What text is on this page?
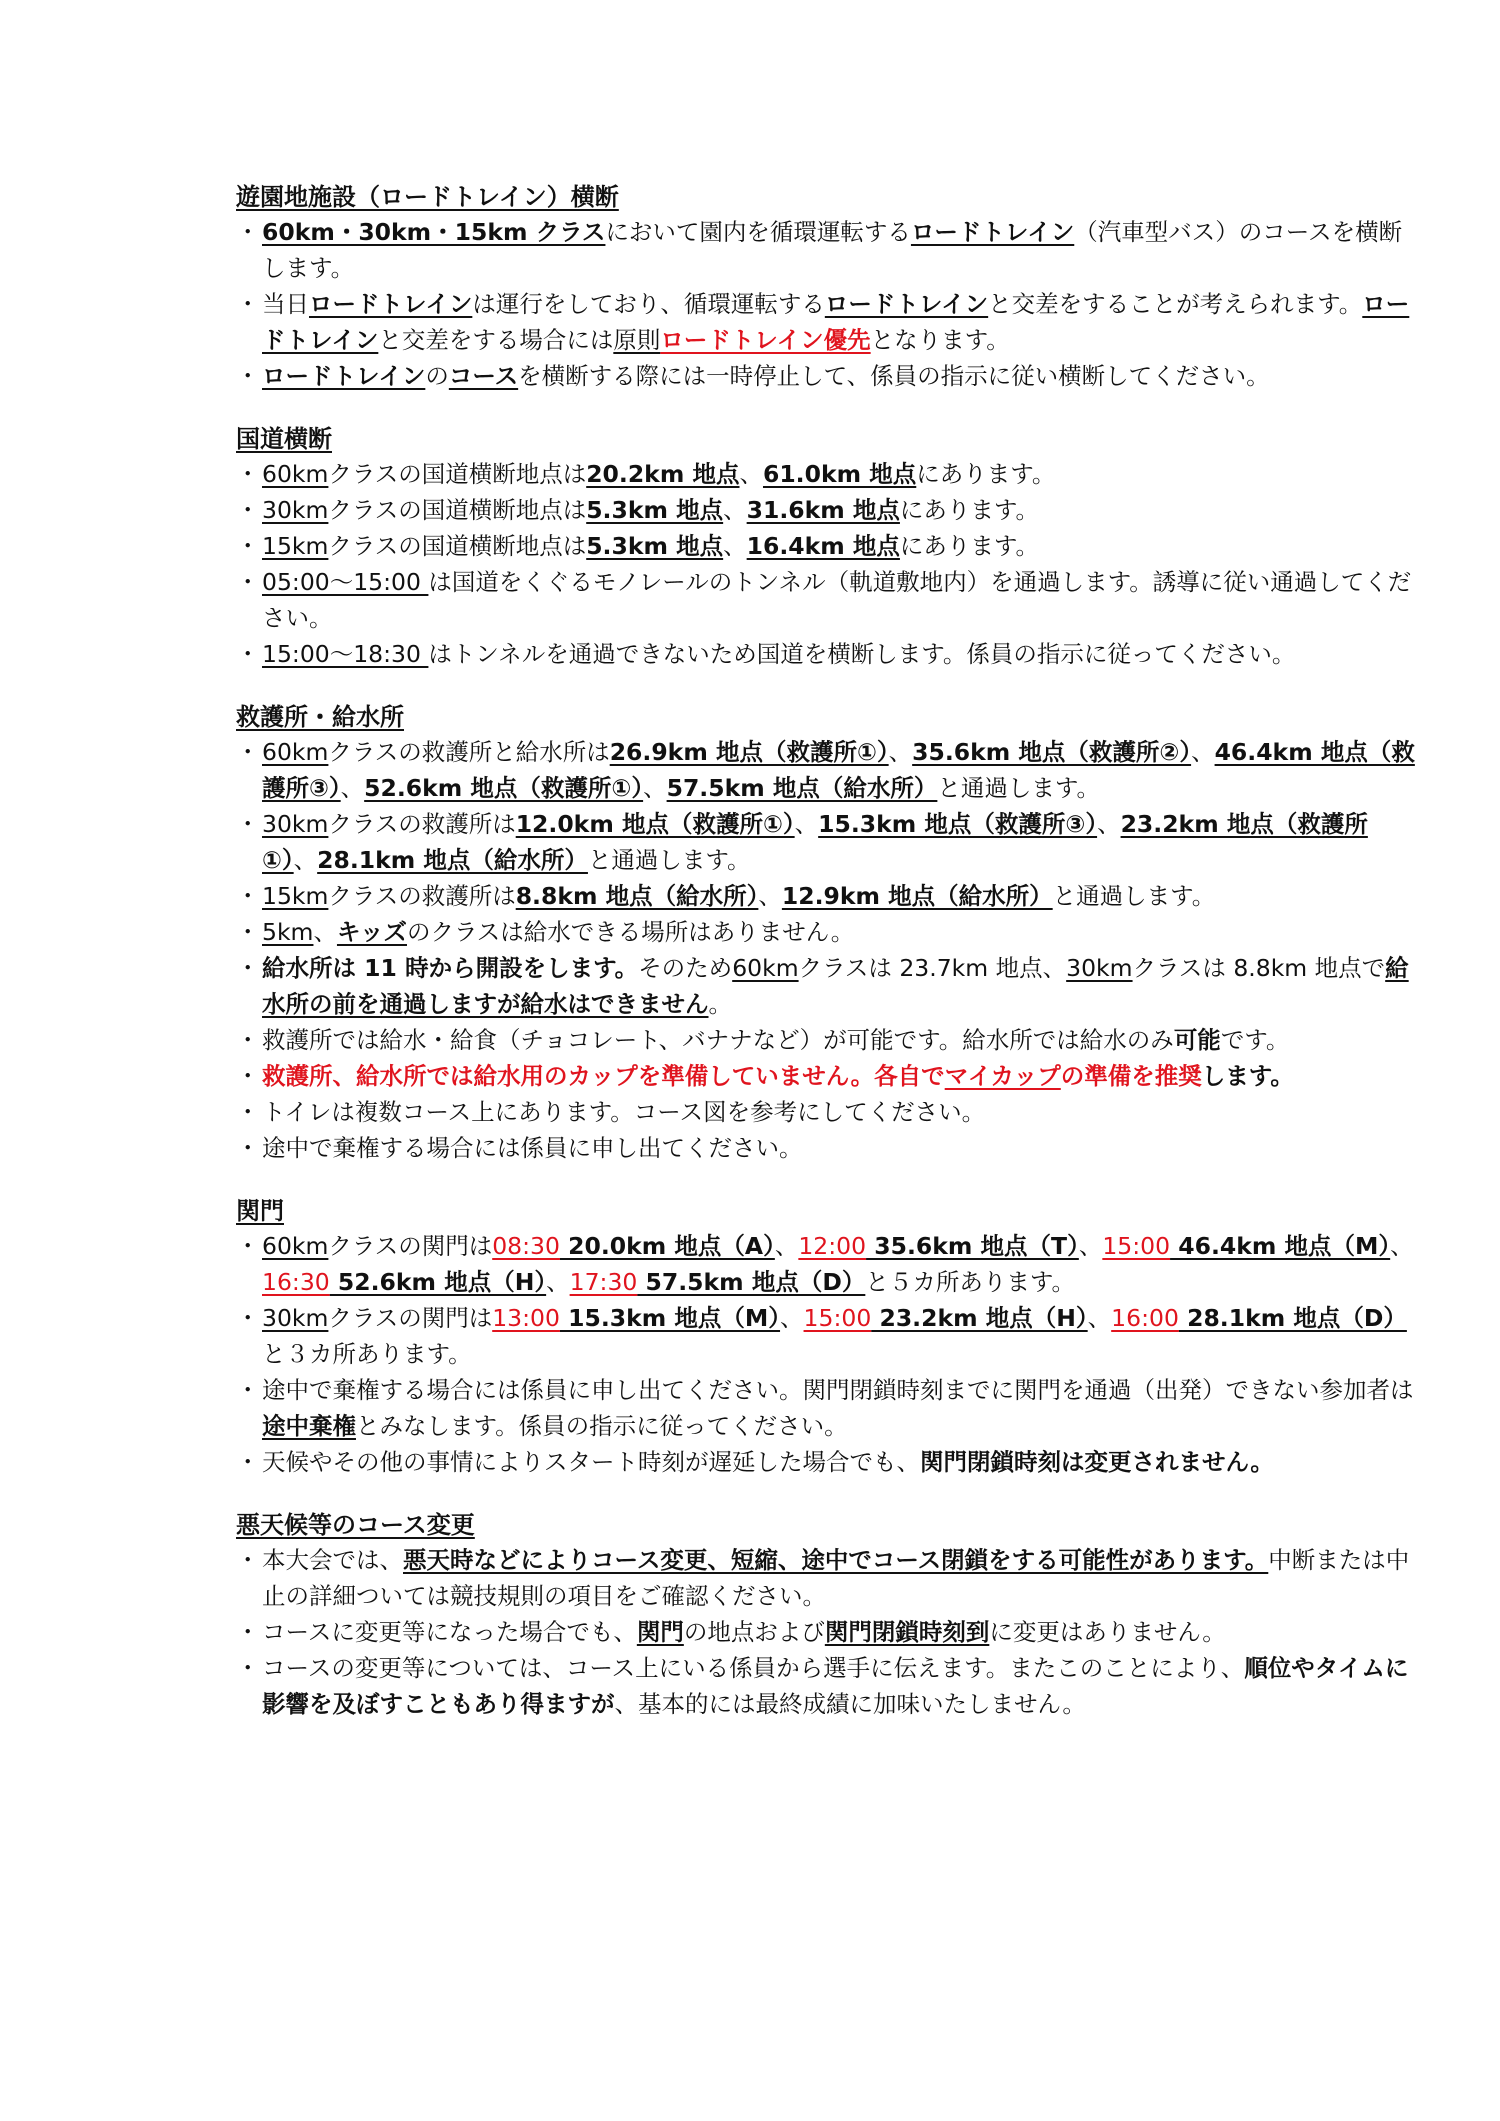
遊園地施設（ロードトレイン）横断
・ 60km・30km・15km クラスにおいて園内を循環運転するロードトレイン（汽車型バス）のコースを横断します。
・ 当日ロードトレインは運行をしており、循環運転するロードトレインと交差をすることが考えられます。ロードトレインと交差をする場合には原則ロードトレイン優先となります。
・ ロードトレインのコースを横断する際には一時停止して、係員の指示に従い横断してください。
国道横断
・ 60kmクラスの国道横断地点は20.2km 地点、61.0km 地点にあります。
・ 30kmクラスの国道横断地点は5.3km 地点、31.6km 地点にあります。
・ 15kmクラスの国道横断地点は5.3km 地点、16.4km 地点にあります。
・ 05:00～15:00 は国道をくぐるモノレールのトンネル（軌道敷地内）を通過します。誘導に従い通過してください。
・ 15:00～18:30 はトンネルを通過できないため国道を横断します。係員の指示に従ってください。
救護所・給水所
・ 60kmクラスの救護所と給水所は26.9km 地点（救護所①）、35.6km 地点（救護所②）、46.4km 地点（救護所③）、52.6km 地点（救護所①）、57.5km 地点（給水所）と通過します。
・ 30kmクラスの救護所は12.0km 地点（救護所①）、15.3km 地点（救護所③）、23.2km 地点（救護所①）、28.1km 地点（給水所）と通過します。
・ 15kmクラスの救護所は8.8km 地点（給水所）、12.9km 地点（給水所）と通過します。
・ 5km、キッズのクラスは給水できる場所はありません。
・ 給水所は 11 時から開設をします。そのため60kmクラスは 23.7km 地点、30kmクラスは 8.8km 地点で給水所の前を通過しますが給水はできません。
・ 救護所では給水・給食（チョコレート、バナナなど）が可能です。給水所では給水のみ可能です。
・ 救護所、給水所では給水用のカップを準備していません。各自でマイカップの準備を推奨します。
・ トイレは複数コース上にあります。コース図を参考にしてください。
・ 途中で棄権する場合には係員に申し出てください。
関門
・ 60kmクラスの関門は08:30 20.0km 地点（A）、12:00 35.6km 地点（T）、15:00 46.4km 地点（M）、16:30 52.6km 地点（H）、17:30 57.5km 地点（D）と５カ所あります。
・ 30kmクラスの関門は13:00 15.3km 地点（M）、15:00 23.2km 地点（H）、16:00 28.1km 地点（D）と３カ所あります。
・ 途中で棄権する場合には係員に申し出てください。関門閉鎖時刻までに関門を通過（出発）できない参加者は途中棄権とみなします。係員の指示に従ってください。
・ 天候やその他の事情によりスタート時刻が遅延した場合でも、関門閉鎖時刻は変更されません。
悪天候等のコース変更
・ 本大会では、悪天時などによりコース変更、短縮、途中でコース閉鎖をする可能性があります。中断または中止の詳細ついては競技規則の項目をご確認ください。
・ コースに変更等になった場合でも、関門の地点および関門閉鎖時刻到に変更はありません。
・ コースの変更等については、コース上にいる係員から選手に伝えます。またこのことにより、順位やタイムに影響を及ぼすこともあり得ますが、基本的には最終成績に加味いたしません。
